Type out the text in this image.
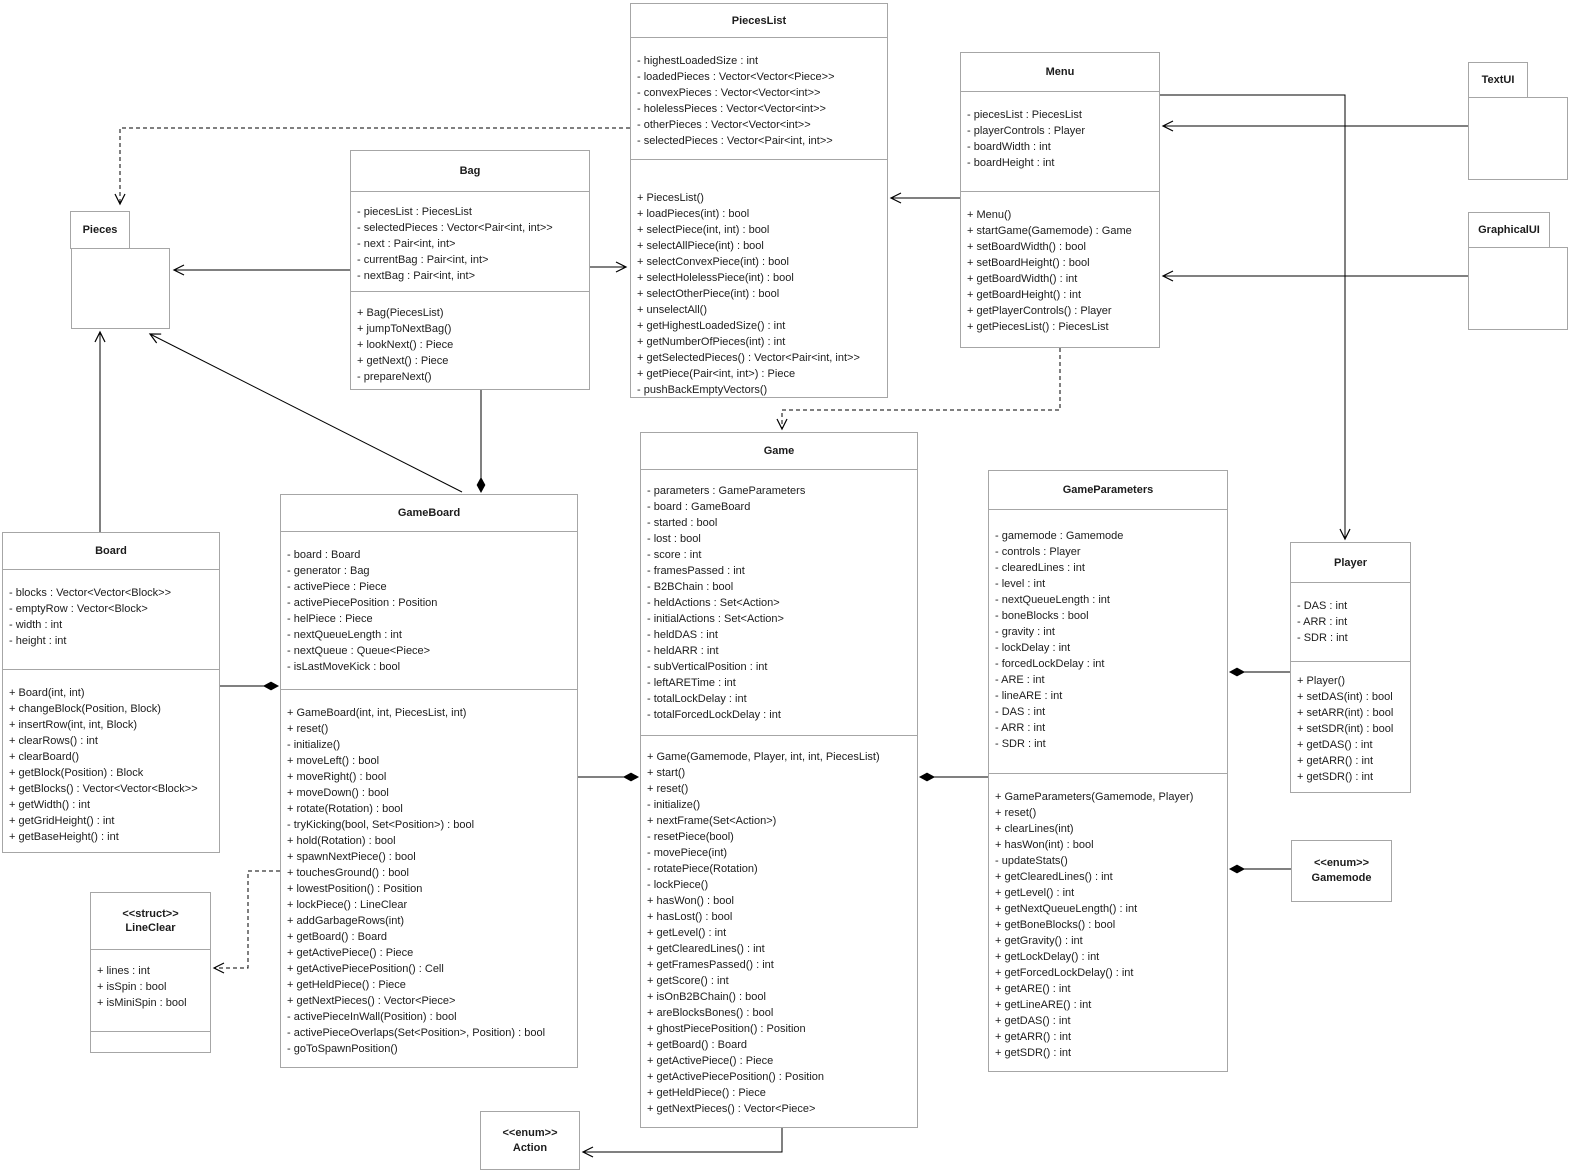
PiecesList
- highestLoadedSize : int
- loadedPieces : Vector<Vector<Piece>>
- convexPieces : Vector<Vector<int>>
- holelessPieces : Vector<Vector<int>>
- otherPieces : Vector<Vector<int>>
- selectedPieces : Vector<Pair<int, int>>
+ PiecesList()
+ loadPieces(int) : bool
+ selectPiece(int, int) : bool
+ selectAllPiece(int) : bool
+ selectConvexPiece(int) : bool
+ selectHolelessPiece(int) : bool
+ selectOtherPiece(int) : bool
+ unselectAll()
+ getHighestLoadedSize() : int
+ getNumberOfPieces(int) : int
+ getSelectedPieces() : Vector<Pair<int, int>>
+ getPiece(Pair<int, int>) : Piece
- pushBackEmptyVectors()
Menu
- piecesList : PiecesList
- playerControls : Player
- boardWidth : int
- boardHeight : int
+ Menu()
+ startGame(Gamemode) : Game
+ setBoardWidth() : bool
+ setBoardHeight() : bool
+ getBoardWidth() : int
+ getBoardHeight() : int
+ getPlayerControls() : Player
+ getPiecesList() : PiecesList
Bag
- piecesList : PiecesList
- selectedPieces : Vector<Pair<int, int>>
- next : Pair<int, int>
- currentBag : Pair<int, int>
- nextBag : Pair<int, int>
+ Bag(PiecesList)
+ jumpToNextBag()
+ lookNext() : Piece
+ getNext() : Piece
- prepareNext()
Board
- blocks : Vector<Vector<Block>>
- emptyRow : Vector<Block>
- width : int
- height : int
+ Board(int, int)
+ changeBlock(Position, Block)
+ insertRow(int, int, Block)
+ clearRows() : int
+ clearBoard()
+ getBlock(Position) : Block
+ getBlocks() : Vector<Vector<Block>>
+ getWidth() : int
+ getGridHeight() : int
+ getBaseHeight() : int
GameBoard
- board : Board
- generator : Bag
- activePiece : Piece
- activePiecePosition : Position
- helPiece : Piece
- nextQueueLength : int
- nextQueue : Queue<Piece>
- isLastMoveKick : bool
+ GameBoard(int, int, PiecesList, int)
+ reset()
- initialize()
+ moveLeft() : bool
+ moveRight() : bool
+ moveDown() : bool
+ rotate(Rotation) : bool
- tryKicking(bool, Set<Position>) : bool
+ hold(Rotation) : bool
+ spawnNextPiece() : bool
+ touchesGround() : bool
+ lowestPosition() : Position
+ lockPiece() : LineClear
+ addGarbageRows(int)
+ getBoard() : Board
+ getActivePiece() : Piece
+ getActivePiecePosition() : Cell
+ getHeldPiece() : Piece
+ getNextPieces() : Vector<Piece>
- activePieceInWall(Position) : bool
- activePieceOverlaps(Set<Position>, Position) : bool
- goToSpawnPosition()
Game
- parameters : GameParameters
- board : GameBoard
- started : bool
- lost : bool
- score : int
- framesPassed : int
- B2BChain : bool
- heldActions : Set<Action>
- initialActions : Set<Action>
- heldDAS : int
- heldARR : int
- subVerticalPosition : int
- leftARETime : int
- totalLockDelay : int
- totalForcedLockDelay : int
+ Game(Gamemode, Player, int, int, PiecesList)
+ start()
+ reset()
- initialize()
+ nextFrame(Set<Action>)
- resetPiece(bool)
- movePiece(int)
- rotatePiece(Rotation)
- lockPiece()
+ hasWon() : bool
+ hasLost() : bool
+ getLevel() : int
+ getClearedLines() : int
+ getFramesPassed() : int
+ getScore() : int
+ isOnB2BChain() : bool
+ areBlocksBones() : bool
+ ghostPiecePosition() : Position
+ getBoard() : Board
+ getActivePiece() : Piece
+ getActivePiecePosition() : Position
+ getHeldPiece() : Piece
+ getNextPieces() : Vector<Piece>
GameParameters
- gamemode : Gamemode
- controls : Player
- clearedLines : int
- level : int
- nextQueueLength : int
- boneBlocks : bool
- gravity : int
- lockDelay : int
- forcedLockDelay : int
- ARE : int
- lineARE : int
- DAS : int
- ARR : int
- SDR : int
+ GameParameters(Gamemode, Player)
+ reset()
+ clearLines(int)
+ hasWon(int) : bool
- updateStats()
+ getClearedLines() : int
+ getLevel() : int
+ getNextQueueLength() : int
+ getBoneBlocks() : bool
+ getGravity() : int
+ getLockDelay() : int
+ getForcedLockDelay() : int
+ getARE() : int
+ getLineARE() : int
+ getDAS() : int
+ getARR() : int
+ getSDR() : int
Player
- DAS : int
- ARR : int
- SDR : int
+ Player()
+ setDAS(int) : bool
+ setARR(int) : bool
+ setSDR(int) : bool
+ getDAS() : int
+ getARR() : int
+ getSDR() : int
<<struct>>
LineClear
+ lines : int
+ isSpin : bool
+ isMiniSpin : bool
<<enum>>
Gamemode
<<enum>>
Action
Pieces
TextUI
GraphicalUI
